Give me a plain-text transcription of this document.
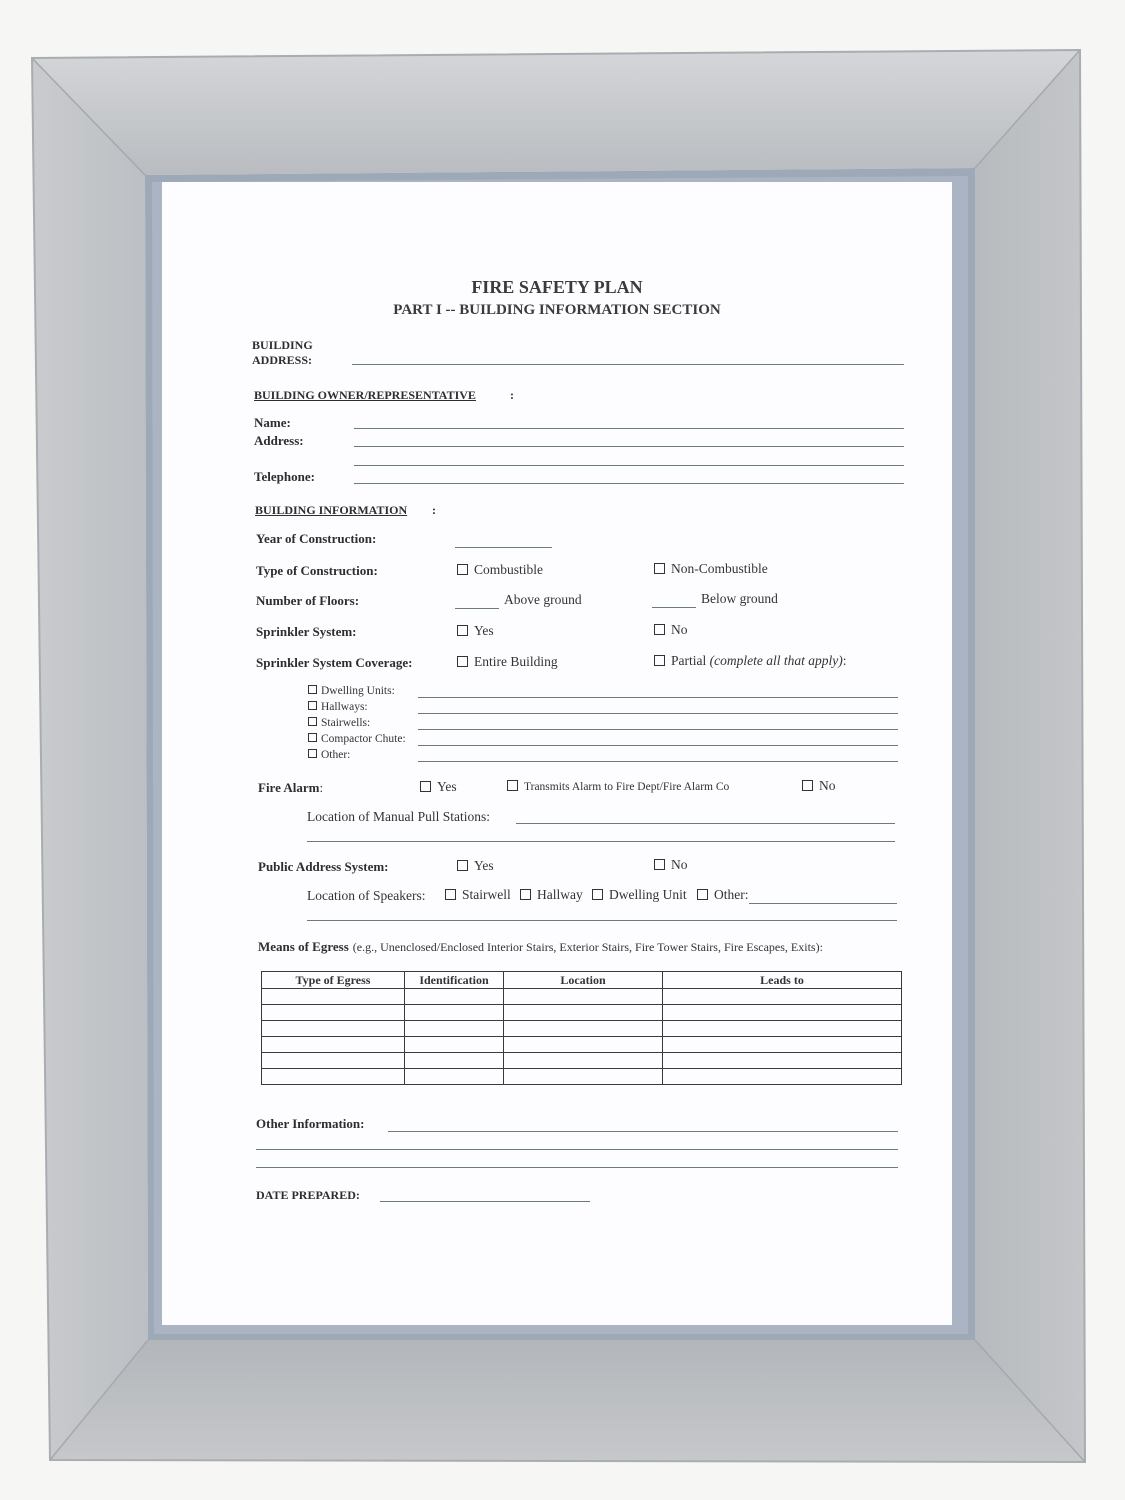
FIRE SAFETY PLAN
PART I -- BUILDING INFORMATION SECTION
BUILDING
ADDRESS:
BUILDING OWNER/REPRESENTATIVE	:
Name:
Address:
Telephone:
BUILDING INFORMATION :
Year of Construction:
Type of Construction:	Combustible	Non-Combustible
Number of Floors:	Above ground	Below ground
Sprinkler System:	Yes	No
Sprinkler System Coverage:	Entire Building	Partial (complete all that apply):
Dwelling Units:
Hallways:
Stairwells:
Compactor Chute:
Other:
Fire Alarm:	Yes	Transmits Alarm to Fire Dept/Fire Alarm Co	No
Location of Manual Pull Stations:
Public Address System:	Yes	No
Location of Speakers:	Stairwell	Hallway	Dwelling Unit	Other:
Means of Egress (e.g., Unenclosed/Enclosed Interior Stairs, Exterior Stairs, Fire Tower Stairs, Fire Escapes, Exits):
Type of Egress	Identification	Location	Leads to

Other Information:
DATE PREPARED:
